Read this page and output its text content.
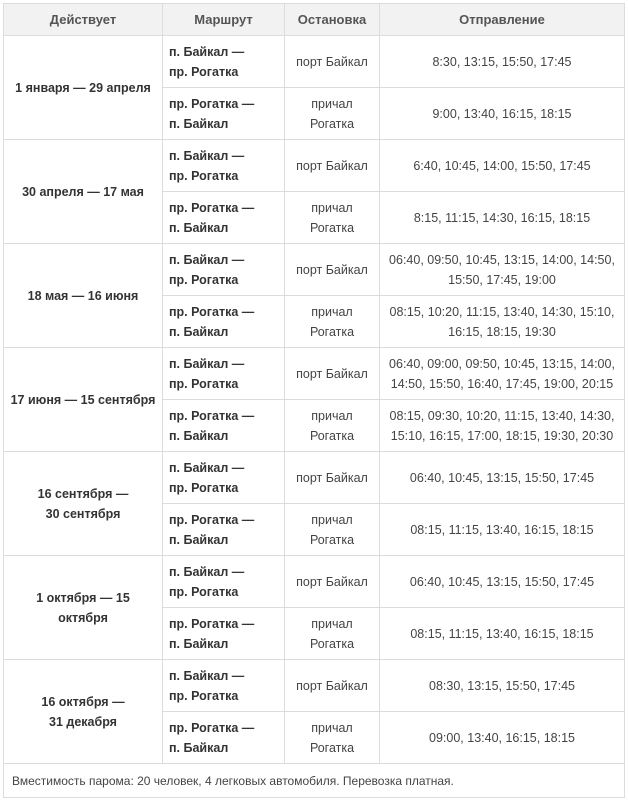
Действует	Маршрут	Остановка	Отправление

1 января — 29 апреля	п. Байкал —
пр. Рогатка	порт Байкал	8:30, 13:15, 15:50, 17:45

	пр. Рогатка —
п. Байкал	причал
Рогатка	9:00, 13:40, 16:15, 18:15

30 апреля — 17 мая	п. Байкал —
пр. Рогатка	порт Байкал	6:40, 10:45, 14:00, 15:50, 17:45

	пр. Рогатка —
п. Байкал	причал
Рогатка	8:15, 11:15, 14:30, 16:15, 18:15

18 мая — 16 июня	п. Байкал —
пр. Рогатка	порт Байкал	06:40, 09:50, 10:45, 13:15, 14:00, 14:50,
15:50, 17:45, 19:00

	пр. Рогатка —
п. Байкал	причал
Рогатка	08:15, 10:20, 11:15, 13:40, 14:30, 15:10,
16:15, 18:15, 19:30

17 июня — 15 сентября	п. Байкал —
пр. Рогатка	порт Байкал	06:40, 09:00, 09:50, 10:45, 13:15, 14:00,
14:50, 15:50, 16:40, 17:45, 19:00, 20:15

	пр. Рогатка —
п. Байкал	причал
Рогатка	08:15, 09:30, 10:20, 11:15, 13:40, 14:30,
15:10, 16:15, 17:00, 18:15, 19:30, 20:30

16 сентября —
30 сентября	п. Байкал —
пр. Рогатка	порт Байкал	06:40, 10:45, 13:15, 15:50, 17:45

	пр. Рогатка —
п. Байкал	причал
Рогатка	08:15, 11:15, 13:40, 16:15, 18:15

1 октября — 15 октября	п. Байкал —
пр. Рогатка	порт Байкал	06:40, 10:45, 13:15, 15:50, 17:45

	пр. Рогатка —
п. Байкал	причал
Рогатка	08:15, 11:15, 13:40, 16:15, 18:15

16 октября —
31 декабря	п. Байкал —
пр. Рогатка	порт Байкал	08:30, 13:15, 15:50, 17:45

	пр. Рогатка —
п. Байкал	причал
Рогатка	09:00, 13:40, 16:15, 18:15

Вместимость парома: 20 человек, 4 легковых автомобиля. Перевозка платная.			
